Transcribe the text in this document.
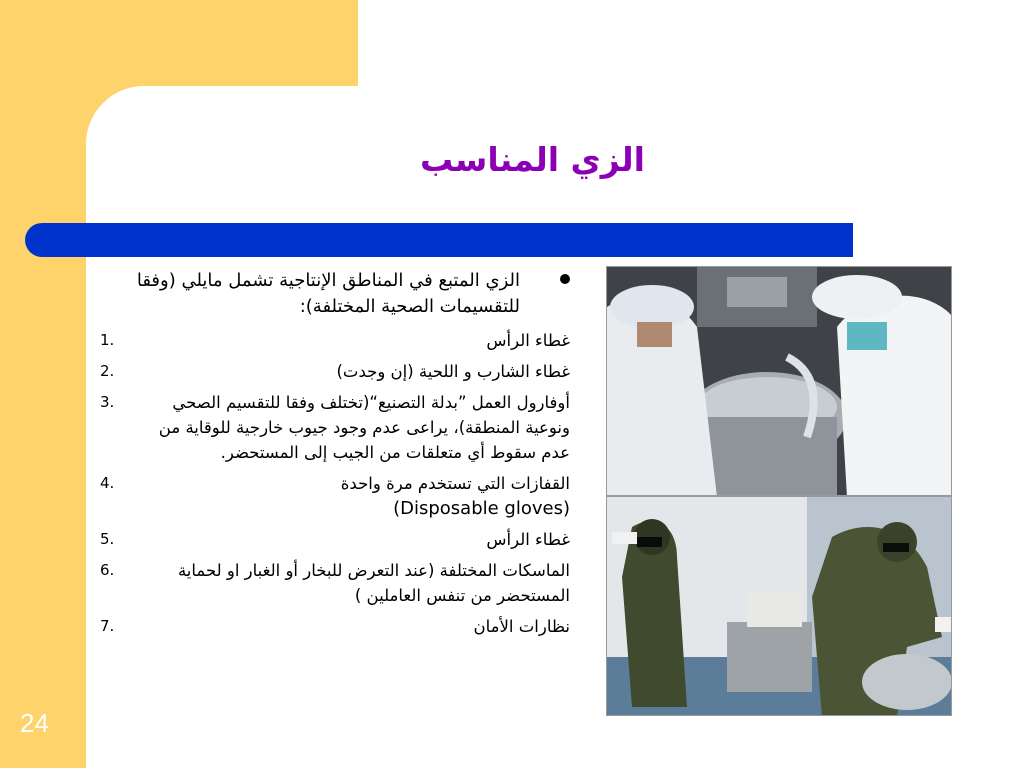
الزي المناسب
الزي المتبع في المناطق الإنتاجية تشمل مايلي (وفقا للتقسيمات الصحية المختلفة):
غطاء الرأس
1.
غطاء الشارب و اللحية (إن وجدت)
2.
أوفارول العمل ”بدلة التصنيع“(تختلف وفقا للتقسيم الصحي ونوعية المنطقة)، يراعى عدم وجود جيوب خارجية للوقاية من عدم سقوط أي متعلقات من الجيب إلى المستحضر.
3.
القفازات التي تستخدم مرة واحدة
(Disposable gloves)
4.
غطاء الرأس
5.
الماسكات المختلفة (عند التعرض للبخار أو الغبار او لحماية المستحضر من تنفس العاملين )
6.
نظارات الأمان
7.
24
